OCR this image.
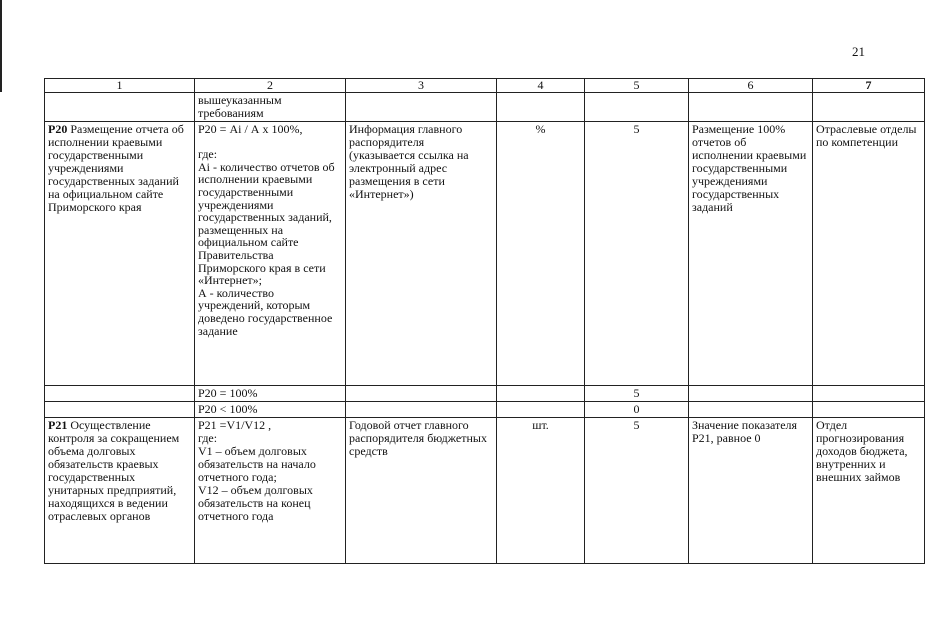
21
1	2	3	4	5	6	7
	вышеуказанным
требованиям					
Р20 Размещение отчета об исполнении краевыми государственными учреждениями государственных заданий на официальном сайте Приморского края	Р20 = Аi / А х 100%,

где:
Аi - количество отчетов об исполнении краевыми государственными учреждениями государственных заданий, размещенных на официальном сайте Правительства Приморского края в сети «Интернет»;
А - количество учреждений, которым доведено государственное задание	Информация главного распорядителя (указывается ссылка на электронный адрес размещения в сети «Интернет»)	%	5	Размещение 100% отчетов об исполнении краевыми государственными учреждениями государственных заданий	Отраслевые отделы по компетенции
	Р20 = 100%			5		
	Р20 < 100%			0		
Р21 Осуществление контроля за сокращением объема долговых обязательств краевых государственных унитарных предприятий, находящихся в ведении отраслевых органов	Р21 =V1/V12 ,
где:
V1 – объем долговых обязательств на начало отчетного года;
V12 – объем долговых обязательств на конец отчетного года	Годовой отчет главного распорядителя бюджетных средств	шт.	5	Значение показателя Р21, равное 0	Отдел прогнозирования доходов бюджета, внутренних и внешних займов
